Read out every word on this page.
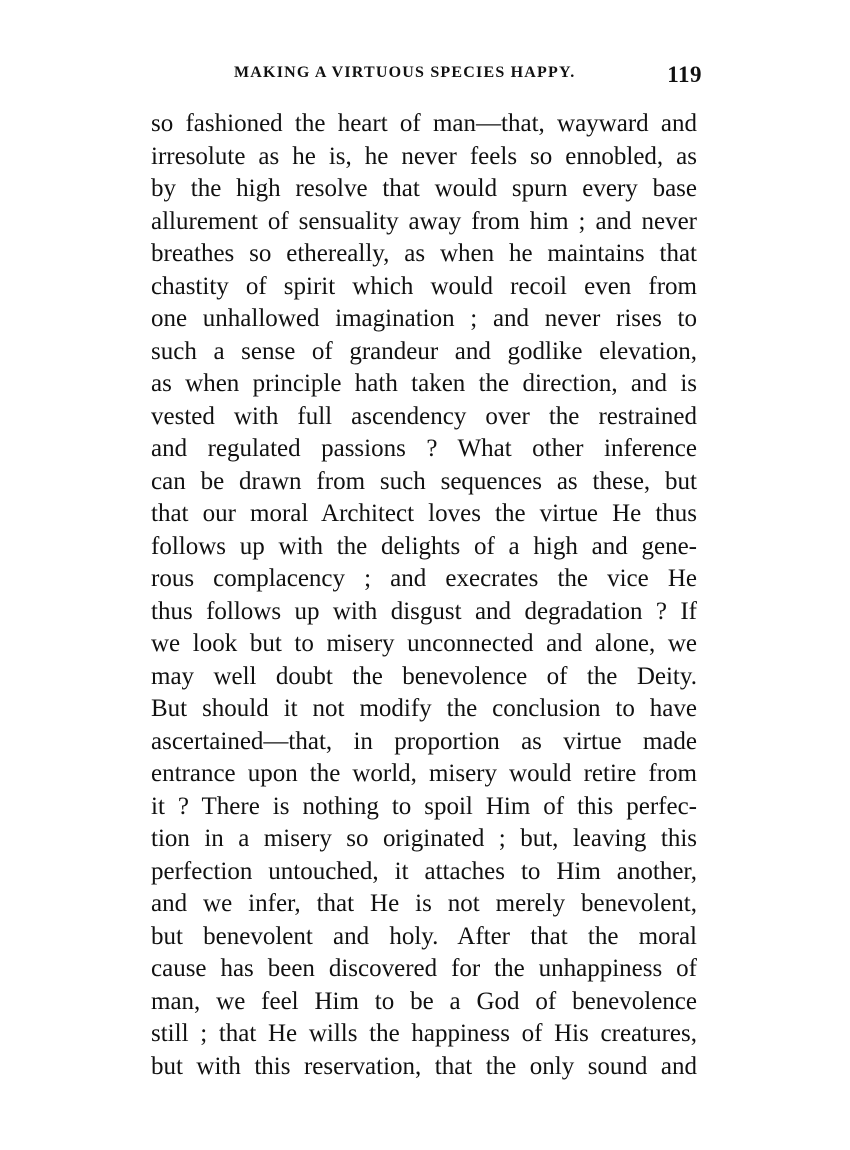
MAKING A VIRTUOUS SPECIES HAPPY.	119
so fashioned the heart of man—that, wayward and
irresolute as he is, he never feels so ennobled, as
by the high resolve that would spurn every base
allurement of sensuality away from him ; and never
breathes so ethereally, as when he maintains that
chastity of spirit which would recoil even from
one unhallowed imagination ; and never rises to
such a sense of grandeur and godlike elevation,
as when principle hath taken the direction, and is
vested with full ascendency over the restrained
and regulated passions ? What other inference
can be drawn from such sequences as these, but
that our moral Architect loves the virtue He thus
follows up with the delights of a high and gene-
rous complacency ; and execrates the vice He
thus follows up with disgust and degradation ? If
we look but to misery unconnected and alone, we
may well doubt the benevolence of the Deity.
But should it not modify the conclusion to have
ascertained—that, in proportion as virtue made
entrance upon the world, misery would retire from
it ? There is nothing to spoil Him of this perfec-
tion in a misery so originated ; but, leaving this
perfection untouched, it attaches to Him another,
and we infer, that He is not merely benevolent,
but benevolent and holy. After that the moral
cause has been discovered for the unhappiness of
man, we feel Him to be a God of benevolence
still ; that He wills the happiness of His creatures,
but with this reservation, that the only sound and
